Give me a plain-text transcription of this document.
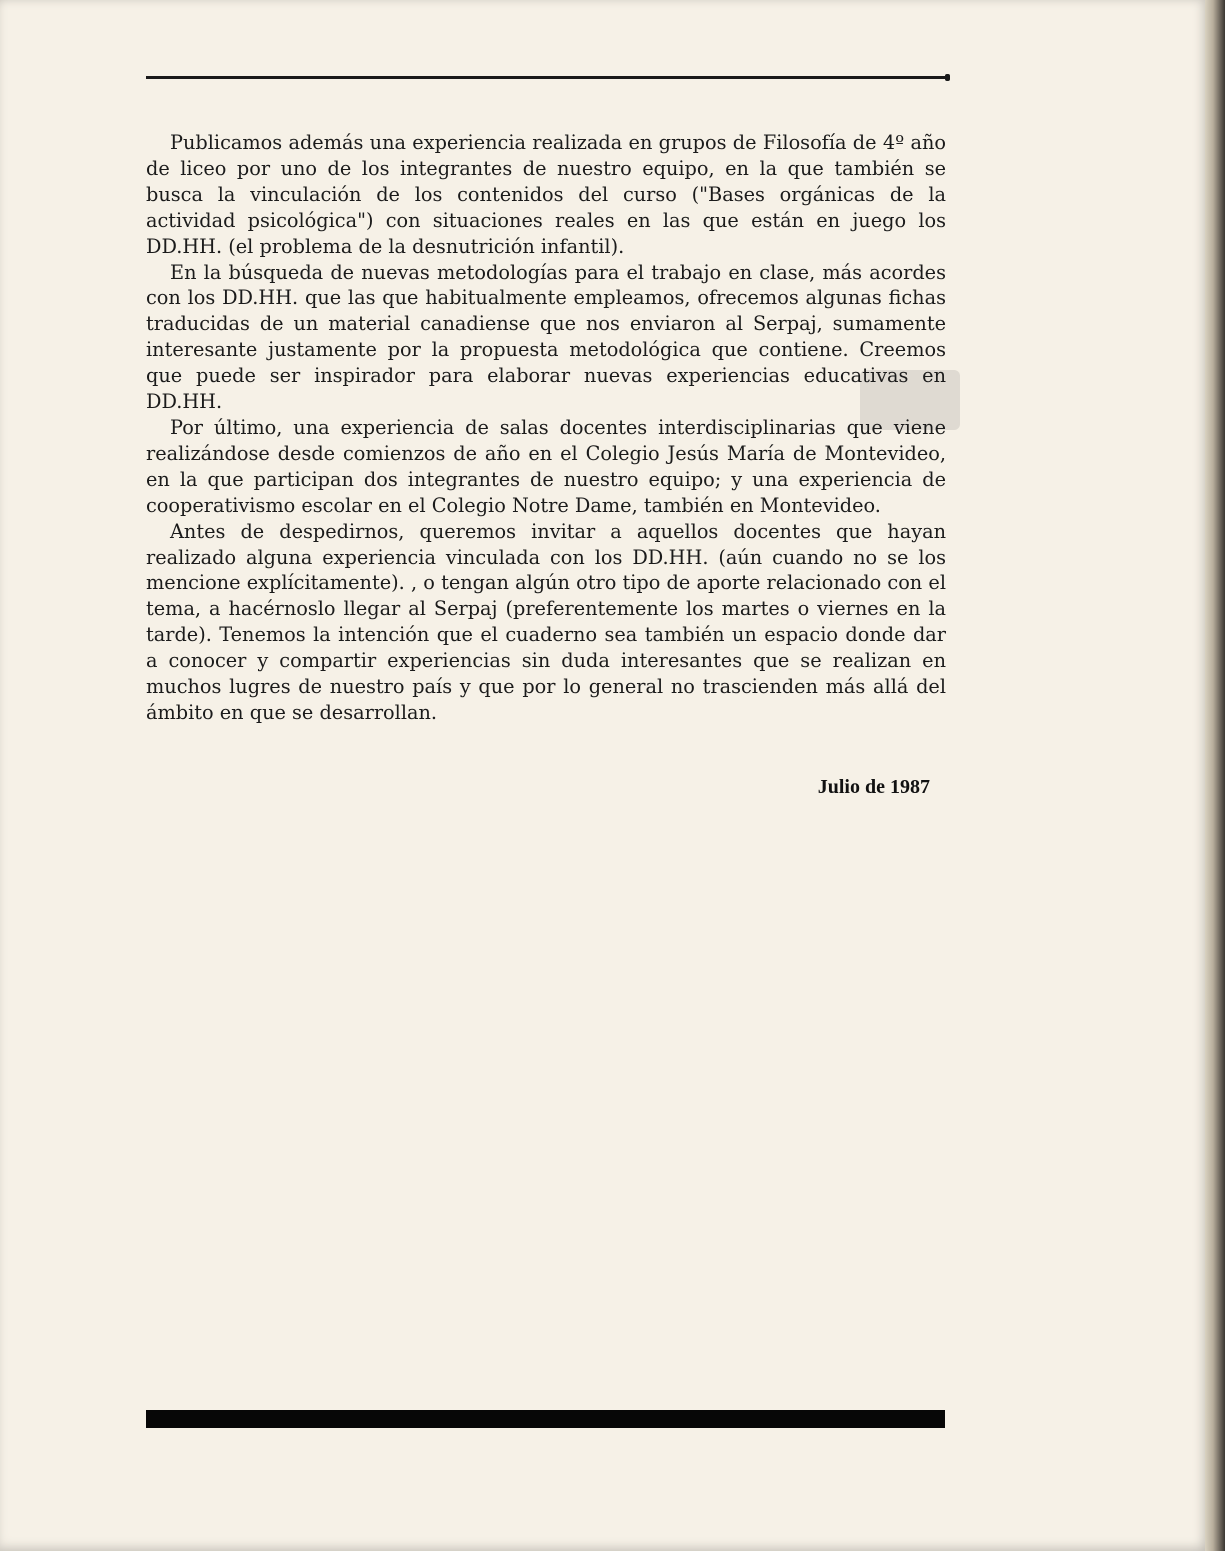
Publicamos además una experiencia realizada en grupos de Filosofía de 4º año de liceo por uno de los integrantes de nuestro equipo, en la que también se busca la vinculación de los contenidos del curso ("Bases orgánicas de la actividad psicológica") con situaciones reales en las que están en juego los DD.HH. (el problema de la desnutrición infantil).

En la búsqueda de nuevas metodologías para el trabajo en clase, más acordes con los DD.HH. que las que habitualmente empleamos, ofrecemos algunas fichas traducidas de un material canadiense que nos enviaron al Serpaj, sumamente interesante justamente por la propuesta metodológica que contiene. Creemos que puede ser inspirador para elaborar nuevas experiencias educativas en DD.HH.

Por último, una experiencia de salas docentes interdisciplinarias que viene realizándose desde comienzos de año en el Colegio Jesús María de Montevideo, en la que participan dos integrantes de nuestro equipo; y una experiencia de cooperativismo escolar en el Colegio Notre Dame, también en Montevideo.

Antes de despedirnos, queremos invitar a aquellos docentes que hayan realizado alguna experiencia vinculada con los DD.HH. (aún cuando no se los mencione explícitamente). , o tengan algún otro tipo de aporte relacionado con el tema, a hacérnoslo llegar al Serpaj (preferentemente los martes o viernes en la tarde). Tenemos la intención que el cuaderno sea también un espacio donde dar a conocer y compartir experiencias sin duda interesantes que se realizan en muchos lugres de nuestro país y que por lo general no trascienden más allá del ámbito en que se desarrollan.

Julio de 1987
